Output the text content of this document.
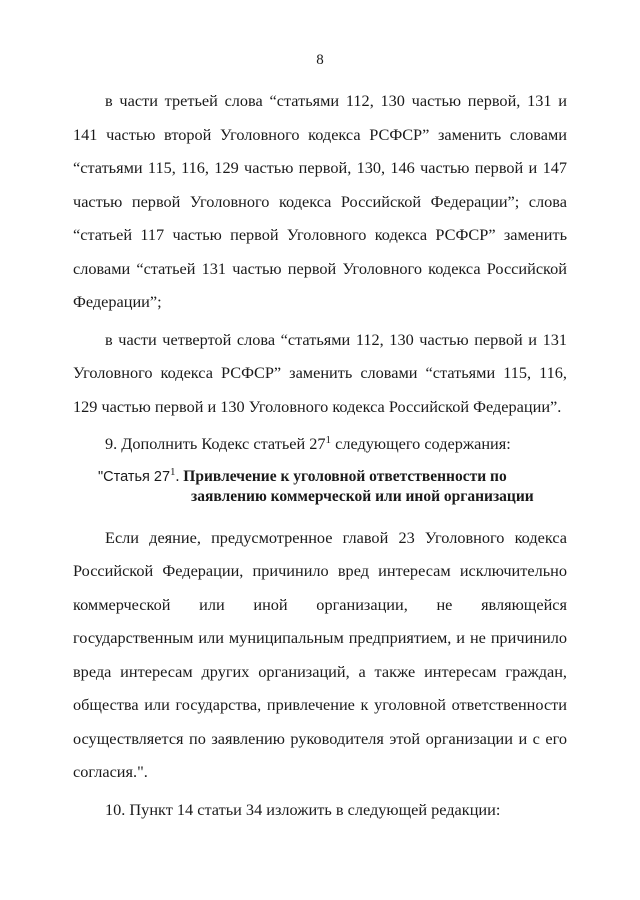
8

в части третьей слова “статьями 112, 130 частью первой, 131 и 141 частью второй Уголовного кодекса РСФСР” заменить словами “статьями 115, 116, 129 частью первой, 130, 146 частью первой и 147 частью первой Уголовного кодекса Российской Федерации”; слова “статьей 117 частью первой Уголовного кодекса РСФСР” заменить словами “статьей 131 частью первой Уголовного кодекса Российской Федерации”;

в части четвертой слова “статьями 112, 130 частью первой и 131 Уголовного кодекса РСФСР” заменить словами “статьями 115, 116, 129 частью первой и 130 Уголовного кодекса Российской Федерации”.

9. Дополнить Кодекс статьей $27^1$ следующего содержания:

"Статья $27^1$. Привлечение к уголовной ответственности по
заявлению коммерческой или иной организации

Если деяние, предусмотренное главой 23 Уголовного кодекса Российской Федерации, причинило вред интересам исключительно коммерческой или иной организации, не являющейся государственным или муниципальным предприятием, и не причинило вреда интересам других организаций, а также интересам граждан, общества или государства, привлечение к уголовной ответственности осуществляется по заявлению руководителя этой организации и с его согласия.".

10. Пункт 14 статьи 34 изложить в следующей редакции:
